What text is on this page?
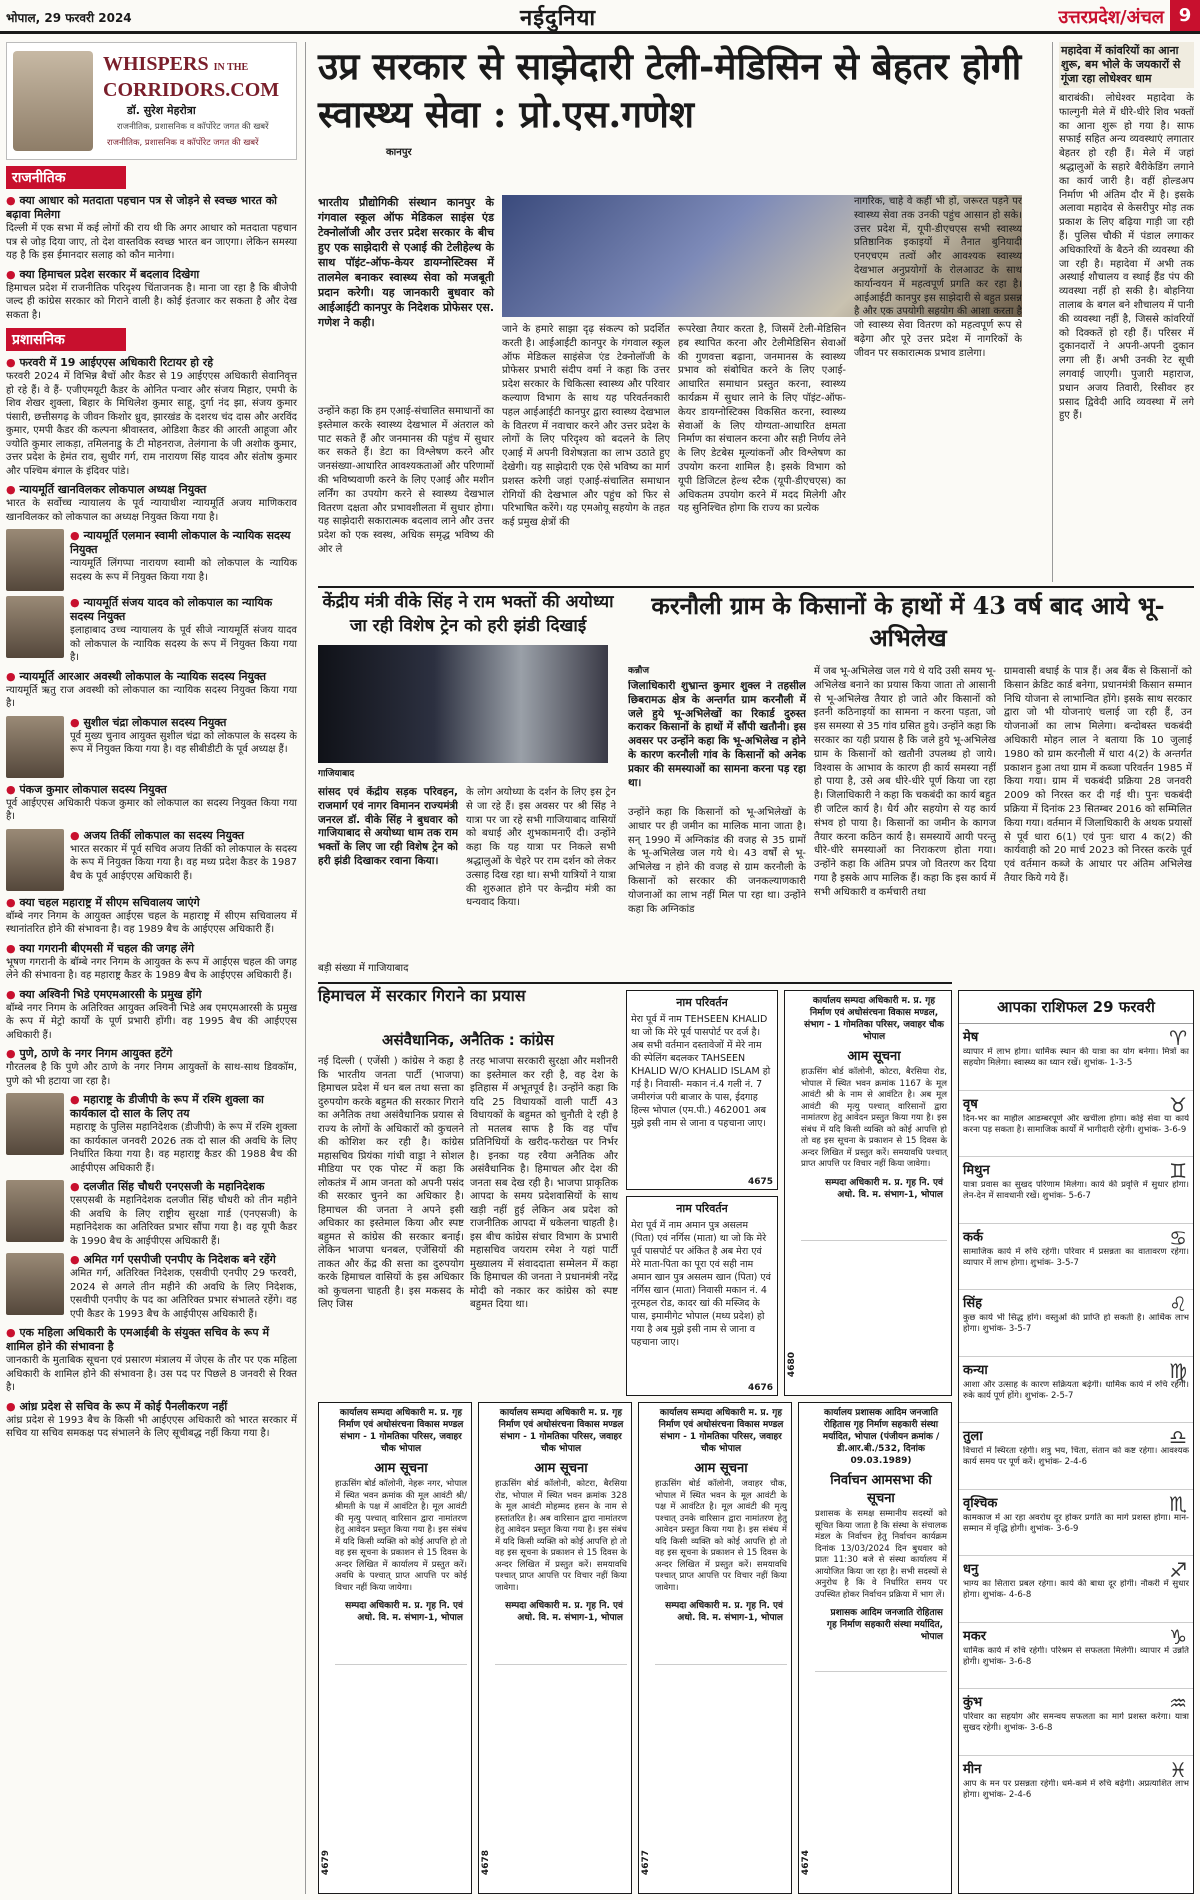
भोपाल, 29 फरवरी 2024	नईदुनिया	उत्तरप्रदेश/अंचल 9
WHISPERS IN THE
CORRIDORS.COM
डॉ. सुरेश मेहरोत्रा
राजनीतिक, प्रशासनिक व कॉर्पोरेट जगत की खबरें
राजनीतिक, प्रशासनिक व कॉर्पोरेट जगत की खबरें
राजनीतिक
● क्या आधार को मतदाता पहचान पत्र से जोड़ने से स्वच्छ भारत को बढ़ावा मिलेगा

दिल्ली में एक सभा में कई लोगों की राय थी कि अगर आधार को मतदाता पहचान पत्र से जोड़ दिया जाए, तो देश वास्तविक स्वच्छ भारत बन जाएगा। लेकिन समस्या यह है कि इस ईमानदार सलाह को कौन मानेगा।

● क्या हिमाचल प्रदेश सरकार में बदलाव दिखेगा

हिमाचल प्रदेश में राजनीतिक परिदृश्य चिंताजनक है। माना जा रहा है कि बीजेपी जल्द ही कांग्रेस सरकार को गिराने वाली है। कोई इंतजार कर सकता है और देख सकता है।

प्रशासनिक
● फरवरी में 19 आईएएस अधिकारी रिटायर हो रहे

फरवरी 2024 में विभिन्न बैचों और कैडर से 19 आईएएस अधिकारी सेवानिवृत्त हो रहे हैं। वे हैं- एजीएमयूटी कैडर के ओनित पन्वार और संजय मिहार, एमपी के शिव शेखर शुक्ला, बिहार के मिथिलेश कुमार साहू, दुर्गा नंद झा, संजय कुमार पंसारी, छत्तीसगढ़ के जीवन किशोर ध्रुव, झारखंड के दशरथ चंद दास और अरविंद कुमार, एमपी कैडर की कल्पना श्रीवास्तव, ओडिशा कैडर की आरती आहूजा और ज्योति कुमार लाकड़ा, तमिलनाडु के टी मोहनराज, तेलंगाना के जी अशोक कुमार, उत्तर प्रदेश के हेमंत राव, सुधीर गर्ग, राम नारायण सिंह यादव और संतोष कुमार और पश्चिम बंगाल के इंदिवर पांडे।

● न्यायमूर्ति खानविलकर लोकपाल अध्यक्ष नियुक्त

भारत के सर्वोच्च न्यायालय के पूर्व न्यायाधीश न्यायमूर्ति अजय माणिकराव खानविलकर को लोकपाल का अध्यक्ष नियुक्त किया गया है।

● न्यायमूर्ति एलमान स्वामी लोकपाल के न्यायिक सदस्य नियुक्त

न्यायमूर्ति लिंगप्पा नारायण स्वामी को लोकपाल के न्यायिक सदस्य के रूप में नियुक्त किया गया है।

● न्यायमूर्ति संजय यादव को लोकपाल का न्यायिक सदस्य नियुक्त

इलाहाबाद उच्च न्यायालय के पूर्व सीजे न्यायमूर्ति संजय यादव को लोकपाल के न्यायिक सदस्य के रूप में नियुक्त किया गया है।

● न्यायमूर्ति आरआर अवस्थी लोकपाल के न्यायिक सदस्य नियुक्त

न्यायमूर्ति ऋतु राज अवस्थी को लोकपाल का न्यायिक सदस्य नियुक्त किया गया है।

● सुशील चंद्रा लोकपाल सदस्य नियुक्त

पूर्व मुख्य चुनाव आयुक्त सुशील चंद्रा को लोकपाल के सदस्य के रूप में नियुक्त किया गया है। वह सीबीडीटी के पूर्व अध्यक्ष हैं।

● पंकज कुमार लोकपाल सदस्य नियुक्त

पूर्व आईएएस अधिकारी पंकज कुमार को लोकपाल का सदस्य नियुक्त किया गया है।

● अजय तिर्की लोकपाल का सदस्य नियुक्त

भारत सरकार में पूर्व सचिव अजय तिर्की को लोकपाल के सदस्य के रूप में नियुक्त किया गया है। वह मध्य प्रदेश कैडर के 1987 बैच के पूर्व आईएएस अधिकारी हैं।

● क्या चहल महाराष्ट्र में सीएम सचिवालय जाएंगे

बॉम्बे नगर निगम के आयुक्त आईएस चहल के महाराष्ट्र में सीएम सचिवालय में स्थानांतरित होने की संभावना है। वह 1989 बैच के आईएएस अधिकारी हैं।

● क्या गगरानी बीएमसी में चहल की जगह लेंगे

भूषण गगरानी के बॉम्बे नगर निगम के आयुक्त के रूप में आईएस चहल की जगह लेने की संभावना है। वह महाराष्ट्र कैडर के 1989 बैच के आईएएस अधिकारी हैं।

● क्या अश्विनी भिडे एमएमआरसी के प्रमुख होंगे

बॉम्बे नगर निगम के अतिरिक्त आयुक्त अश्विनी भिडे अब एमएमआरसी के प्रमुख के रूप में मेट्रो कार्यों के पूर्ण प्रभारी होंगी। वह 1995 बैच की आईएएस अधिकारी हैं।

● पुणे, ठाणे के नगर निगम आयुक्त हटेंगे

गौरतलब है कि पुणे और ठाणे के नगर निगम आयुक्तों के साथ-साथ डिवकॉम, पुणे को भी हटाया जा रहा है।

● महाराष्ट्र के डीजीपी के रूप में रश्मि शुक्ला का कार्यकाल दो साल के लिए तय

महाराष्ट्र के पुलिस महानिदेशक (डीजीपी) के रूप में रश्मि शुक्ला का कार्यकाल जनवरी 2026 तक दो साल की अवधि के लिए निर्धारित किया गया है। वह महाराष्ट्र कैडर की 1988 बैच की आईपीएस अधिकारी हैं।

● दलजीत सिंह चौधरी एनएसजी के महानिदेशक

एसएसबी के महानिदेशक दलजीत सिंह चौधरी को तीन महीने की अवधि के लिए राष्ट्रीय सुरक्षा गार्ड (एनएसजी) के महानिदेशक का अतिरिक्त प्रभार सौंपा गया है। वह यूपी कैडर के 1990 बैच के आईपीएस अधिकारी हैं।

● अमित गर्ग एसपीजी एनपीए के निदेशक बने रहेंगे

अमित गर्ग, अतिरिक्त निदेशक, एसवीपी एनपीए 29 फरवरी, 2024 से अगले तीन महीने की अवधि के लिए निदेशक, एसवीपी एनपीए के पद का अतिरिक्त प्रभार संभालते रहेंगे। वह एपी कैडर के 1993 बैच के आईपीएस अधिकारी हैं।

● एक महिला अधिकारी के एमआईबी के संयुक्त सचिव के रूप में शामिल होने की संभावना है

जानकारी के मुताबिक सूचना एवं प्रसारण मंत्रालय में जेएस के तौर पर एक महिला अधिकारी के शामिल होने की संभावना है। उस पद पर पिछले 8 जनवरी से रिक्त है।

● आंध्र प्रदेश से सचिव के रूप में कोई पैनलीकरण नहीं

आंध्र प्रदेश से 1993 बैच के किसी भी आईएएस अधिकारी को भारत सरकार में सचिव या सचिव समकक्ष पद संभालने के लिए सूचीबद्ध नहीं किया गया है।

उप्र सरकार से साझेदारी टेली-मेडिसिन से बेहतर होगी स्वास्थ्य सेवा : प्रो.एस.गणेश
कानपुर
भारतीय प्रौद्योगिकी संस्थान कानपुर के गंगवाल स्कूल ऑफ मेडिकल साइंस एंड टेक्नोलॉजी और उत्तर प्रदेश सरकार के बीच हुए एक साझेदारी से एआई की टेलीहेल्थ के साथ पॉइंट-ऑफ-केयर डायग्नोस्टिक्स में तालमेल बनाकर स्वास्थ्य सेवा को मजबूती प्रदान करेगी। यह जानकारी बुधवार को आईआईटी कानपुर के निदेशक प्रोफेसर एस. गणेश ने कही।
उन्होंने कहा कि हम एआई-संचालित समाधानों का इस्तेमाल करके स्वास्थ्य देखभाल में अंतराल को पाट सकते हैं और जनमानस की पहुंच में सुधार कर सकते हैं। डेटा का विश्लेषण करने और जनसंख्या-आधारित आवश्यकताओं और परिणामों की भविष्यवाणी करने के लिए एआई और मशीन लर्निंग का उपयोग करने से स्वास्थ्य देखभाल वितरण दक्षता और प्रभावशीलता में सुधार होगा। यह साझेदारी सकारात्मक बदलाव लाने और उत्तर प्रदेश को एक स्वस्थ, अधिक समृद्ध भविष्य की ओर ले
जाने के हमारे साझा दृढ़ संकल्प को प्रदर्शित करती है। आईआईटी कानपुर के गंगवाल स्कूल ऑफ मेडिकल साइंसेज एंड टेक्नोलॉजी के प्रोफेसर प्रभारी संदीप वर्मा ने कहा कि उत्तर प्रदेश सरकार के चिकित्सा स्वास्थ्य और परिवार कल्याण विभाग के साथ यह परिवर्तनकारी पहल आईआईटी कानपुर द्वारा स्वास्थ्य देखभाल के वितरण में नवाचार करने और उत्तर प्रदेश के लोगों के लिए परिदृश्य को बदलने के लिए एआई में अपनी विशेषज्ञता का लाभ उठाते हुए देखेगी। यह साझेदारी एक ऐसे भविष्य का मार्ग प्रशस्त करेगी जहां एआई-संचालित समाधान रोगियों की देखभाल और पहुंच को फिर से परिभाषित करेंगे। यह एमओयू सहयोग के तहत कई प्रमुख क्षेत्रों की
रूपरेखा तैयार करता है, जिसमें टेली-मेडिसिन हब स्थापित करना और टेलीमेडिसिन सेवाओं की गुणवत्ता बढ़ाना, जनमानस के स्वास्थ्य प्रभाव को संबोधित करने के लिए एआई-आधारित समाधान प्रस्तुत करना, स्वास्थ्य कार्यक्रम में सुधार लाने के लिए पॉइंट-ऑफ-केयर डायग्नोस्टिक्स विकसित करना, स्वास्थ्य सेवाओं के लिए योग्यता-आधारित क्षमता निर्माण का संचालन करना और सही निर्णय लेने के लिए डेटबेस मूल्यांकनों और विश्लेषण का उपयोग करना शामिल है। इसके विभाग को यूपी डिजिटल हेल्थ स्टैक (यूपी-डीएचएस) का अधिकतम उपयोग करने में मदद मिलेगी और यह सुनिश्चित होगा कि राज्य का प्रत्येक
नागरिक, चाहे वे कहीं भी हों, जरूरत पड़ने पर स्वास्थ्य सेवा तक उनकी पहुंच आसान हो सके। उत्तर प्रदेश में, यूपी-डीएचएस सभी स्वास्थ्य प्रतिष्ठानिक इकाइयों में तैनात बुनियादी एनएचएम तत्वों और आवश्यक स्वास्थ्य देखभाल अनुप्रयोगों के रोलआउट के साथ कार्यान्वयन में महत्वपूर्ण प्रगति कर रहा है। आईआईटी कानपुर इस साझेदारी से बहुत प्रसन्न है और एक उपयोगी सहयोग की आशा करता है जो स्वास्थ्य सेवा वितरण को महत्वपूर्ण रूप से बढ़ेगा और पूरे उत्तर प्रदेश में नागरिकों के जीवन पर सकारात्मक प्रभाव डालेगा।
महादेवा में कांवरियों का आना शुरू, बम भोले के जयकारों से गूंजा रहा लोधेश्वर धाम

बाराबंकी। लोधेश्वर महादेवा के फाल्गुनी मेले में धीरे-धीरे शिव भक्तों का आना शुरू हो गया है। साफ सफाई सहित अन्य व्यवस्थाएं लगातार बेहतर हो रही हैं। मेले में जहां श्रद्धालुओं के सहारे बैरीकेडिंग लगाने का कार्य जारी है। वहीं होल्डअप निर्माण भी अंतिम दौर में है। इसके अलावा महादेव से केसरीपुर मोड़ तक प्रकाश के लिए बढ़िया गाड़ी जा रही हैं। पुलिस चौकी में पंडाल लगाकर अधिकारियों के बैठने की व्यवस्था की जा रही है। महादेवा में अभी तक अस्थाई शौचालय व स्थाई हैंड पंप की व्यवस्था नहीं हो सकी है। बोहनिया तालाब के बगल बने शौचालय में पानी की व्यवस्था नहीं है, जिससे कांवरियों को दिक्कतें हो रही हैं। परिसर में दुकानदारों ने अपनी-अपनी दुकान लगा ली हैं। अभी उनकी रेट सूची लगवाई जाएगी। पुजारी महाराज, प्रधान अजय तिवारी, रिसीवर हर प्रसाद द्विवेदी आदि व्यवस्था में लगे हुए हैं।

केंद्रीय मंत्री वीके सिंह ने राम भक्तों की अयोध्या जा रही विशेष ट्रेन को हरी झंडी दिखाई
गाजियाबाद
सांसद एवं केंद्रीय सड़क परिवहन, राजमार्ग एवं नागर विमानन राज्यमंत्री जनरल डॉ. वीके सिंह ने बुधवार को गाजियाबाद से अयोध्या धाम तक राम भक्तों के लिए जा रही विशेष ट्रेन को हरी झंडी दिखाकर रवाना किया।
बड़ी संख्या में गाजियाबाद
के लोग अयोध्या के दर्शन के लिए इस ट्रेन से जा रहे हैं। इस अवसर पर श्री सिंह ने यात्रा पर जा रहे सभी गाजियाबाद वासियों को बधाई और शुभकामनाएँ दी। उन्होंने कहा कि यह यात्रा पर निकले सभी श्रद्धालुओं के चेहरे पर राम दर्शन को लेकर उत्साह दिख रहा था। सभी यात्रियों ने यात्रा की शुरुआत होने पर केन्द्रीय मंत्री का धन्यवाद किया।
करनौली ग्राम के किसानों के हाथों में 43 वर्ष बाद आये भू-अभिलेख
कन्नौज
जिलाधिकारी शुभ्रान्त कुमार शुक्ल ने तहसील छिबरामऊ क्षेत्र के अन्तर्गत ग्राम करनौली में जले हुये भू-अभिलेखों का रिकार्ड दुरुस्त कराकर किसानों के हाथों में सौंपी खतौनी। इस अवसर पर उन्होंने कहा कि भू-अभिलेख न होने के कारण करनौली गांव के किसानों को अनेक प्रकार की समस्याओं का सामना करना पड़ रहा था।
उन्होंने कहा कि किसानों को भू-अभिलेखों के आधार पर ही जमीन का मालिक माना जाता है। सन् 1990 में अग्निकांड की वजह से 35 ग्रामों के भू-अभिलेख जल गये थे। 43 वर्षों से भू-अभिलेख न होने की वजह से ग्राम करनौली के किसानों को सरकार की जनकल्याणकारी योजनाओं का लाभ नहीं मिल पा रहा था। उन्होंने कहा कि अग्निकांड
में जब भू-अभिलेख जल गये थे यदि उसी समय भू-अभिलेख बनाने का प्रयास किया जाता तो आसानी से भू-अभिलेख तैयार हो जाते और किसानों को इतनी कठिनाइयों का सामना न करना पड़ता, जो इस समस्या से 35 गांव ग्रसित हुये। उन्होंने कहा कि सरकार का यही प्रयास है कि जले हुये भू-अभिलेख ग्राम के किसानों को खतौनी उपलब्ध हो जाये। विश्वास के आभाव के कारण ही कार्य समस्या नहीं हो पाया है, उसे अब धीरे-धीरे पूर्ण किया जा रहा है। जिलाधिकारी ने कहा कि चकबंदी का कार्य बहुत ही जटिल कार्य है। धैर्य और सहयोग से यह कार्य संभव हो पाया है। किसानों का जमीन के कागज तैयार करना कठिन कार्य है। समस्यायें आयी परन्तु धीरे-धीरे समस्याओं का निराकरण होता गया। उन्होंने कहा कि अंतिम प्रपत्र जो वितरण कर दिया गया है इसके आप मालिक हैं। कहा कि इस कार्य में सभी अधिकारी व कर्मचारी तथा
ग्रामवासी बधाई के पात्र हैं। अब बैंक से किसानों को किसान क्रेडिट कार्ड बनेगा, प्रधानमंत्री किसान सम्मान निधि योजना से लाभान्वित होंगे। इसके साथ सरकार द्वारा जो भी योजनाएं चलाई जा रही हैं, उन योजनाओं का लाभ मिलेगा। बन्दोबस्त चकबंदी अधिकारी मोहन लाल ने बताया कि 10 जुलाई 1980 को ग्राम करनौली में धारा 4(2) के अन्तर्गत प्रकाशन हुआ तथा ग्राम में कब्जा परिवर्तन 1985 में किया गया। ग्राम में चकबंदी प्रक्रिया 28 जनवरी 2009 को निरस्त कर दी गई थी। पुनः चकबंदी प्रक्रिया में दिनांक 23 सितम्बर 2016 को सम्मिलित किया गया। वर्तमान में जिलाधिकारी के अथक प्रयासों से पूर्व धारा 6(1) एवं पुनः धारा 4 क(2) की कार्यवाही को 20 मार्च 2023 को निरस्त करके पूर्व एवं वर्तमान कब्जे के आधार पर अंतिम अभिलेख तैयार किये गये हैं।
हिमाचल में सरकार गिराने का प्रयास
असंवैधानिक, अनैतिक : कांग्रेस
नई दिल्ली ( एजेंसी ) कांग्रेस ने कहा है कि भारतीय जनता पार्टी (भाजपा) हिमाचल प्रदेश में धन बल तथा सत्ता का दुरुपयोग करके बहुमत की सरकार गिराने का अनैतिक तथा असंवैधानिक प्रयास से राज्य के लोगों के अधिकारों को कुचलने की कोशिश कर रही है। कांग्रेस महासचिव प्रियंका गांधी वाड्रा ने सोशल मीडिया पर एक पोस्ट में कहा कि लोकतंत्र में आम जनता को अपनी पसंद की सरकार चुनने का अधिकार है। हिमाचल की जनता ने अपने इसी अधिकार का इस्तेमाल किया और स्पष्ट बहुमत से कांग्रेस की सरकार बनाई। लेकिन भाजपा धनबल, एजेंसियों की ताकत और केंद्र की सत्ता का दुरुपयोग करके हिमाचल वासियों के इस अधिकार को कुचलना चाहती है। इस मकसद के लिए जिस
तरह भाजपा सरकारी सुरक्षा और मशीनरी का इस्तेमाल कर रही है, वह देश के इतिहास में अभूतपूर्व है। उन्होंने कहा कि यदि 25 विधायकों वाली पार्टी 43 विधायकों के बहुमत को चुनौती दे रही है तो मतलब साफ है कि वह पाँच प्रतिनिधियों के खरीद-फरोख्त पर निर्भर है। इनका यह रवैया अनैतिक और असंवैधानिक है। हिमाचल और देश की जनता सब देख रही है। भाजपा प्राकृतिक आपदा के समय प्रदेशवासियों के साथ खड़ी नहीं हुई लेकिन अब प्रदेश को राजनीतिक आपदा में धकेलना चाहती है। इस बीच कांग्रेस संचार विभाग के प्रभारी महासचिव जयराम रमेश ने यहां पार्टी मुख्यालय में संवाददाता सम्मेलन में कहा कि हिमाचल की जनता ने प्रधानमंत्री नरेंद्र मोदी को नकार कर कांग्रेस को स्पष्ट बहुमत दिया था।
नाम परिवर्तन

मेरा पूर्व में नाम TEHSEEN KHALID था जो कि मेरे पूर्व पासपोर्ट पर दर्ज है। अब सभी वर्तमान दस्तावेजों में मेरे नाम की स्पेलिंग बदलकर TAHSEEN KHALID W/O KHALID ISLAM हो गई है। निवासी- मकान नं.4 गली नं. 7 जमीरगंज परी बाजार के पास, ईदगाह हिल्स भोपाल (एम.पी.) 462001 अब मुझे इसी नाम से जाना व पहचाना जाए।

4675
नाम परिवर्तन

मेरा पूर्व में नाम अमान पुत्र असलम (पिता) एवं नर्गिस (माता) था जो कि मेरे पूर्व पासपोर्ट पर अंकित है अब मेरा एवं मेरे माता-पिता का पूरा एवं सही नाम अमान खान पुत्र असलम खान (पिता) एवं नर्गिस खान (माता) निवासी मकान नं. 4 नूरमहल रोड, कादर खां की मस्जिद के पास, इमामीगेट भोपाल (मध्य प्रदेश) हो गया है अब मुझे इसी नाम से जाना व पहचाना जाए।

4676
कार्यालय सम्पदा अधिकारी म. प्र. गृह निर्माण एवं अधोसंरचना विकास मण्डल, संभाग - 1 गोमतिका परिसर, जवाहर चौक भोपाल
आम सूचना
हाऊसिंग बोर्ड कॉलोनी, कोटरा, बैरसिया रोड, भोपाल में स्थित भवन क्रमांक 1167 के मूल आवंटी श्री के नाम से आवंटित है। अब मूल आवंटी की मृत्यु पश्चात् वारिसानों द्वारा नामांतरण हेतु आवेदन प्रस्तुत किया गया है। इस संबंध में यदि किसी व्यक्ति को कोई आपत्ति हो तो वह इस सूचना के प्रकाशन से 15 दिवस के अन्दर लिखित में प्रस्तुत करें। समयावधि पश्चात् प्राप्त आपत्ति पर विचार नहीं किया जावेगा।
सम्पदा अधिकारी म. प्र. गृह नि. एवं अधो. वि. म. संभाग-1, भोपाल
4680
कार्यालय सम्पदा अधिकारी म. प्र. गृह निर्माण एवं अधोसंरचना विकास मण्डल संभाग - 1 गोमतिका परिसर, जवाहर चौक भोपाल
आम सूचना
हाऊसिंग बोर्ड कॉलोनी, नेहरू नगर, भोपाल में स्थित भवन क्रमांक की मूल आवंटी श्री/श्रीमती के पक्ष में आवंटित है। मूल आवंटी की मृत्यु पश्चात् वारिसान द्वारा नामांतरण हेतु आवेदन प्रस्तुत किया गया है। इस संबंध में यदि किसी व्यक्ति को कोई आपत्ति हो तो वह इस सूचना के प्रकाशन से 15 दिवस के अन्दर लिखित में कार्यालय में प्रस्तुत करें। अवधि के पश्चात् प्राप्त आपत्ति पर कोई विचार नहीं किया जायेगा।
सम्पदा अधिकारी म. प्र. गृह नि. एवं अधो. वि. म. संभाग-1, भोपाल
4679
कार्यालय सम्पदा अधिकारी म. प्र. गृह निर्माण एवं अधोसंरचना विकास मण्डल संभाग - 1 गोमतिका परिसर, जवाहर चौक भोपाल
आम सूचना
हाऊसिंग बोर्ड कॉलोनी, कोटरा, बैरसिया रोड, भोपाल में स्थित भवन क्रमांक 328 के मूल आवंटी मोहम्मद हसन के नाम से हस्तांतरित है। अब वारिसान द्वारा नामांतरण हेतु आवेदन प्रस्तुत किया गया है। इस संबंध में यदि किसी व्यक्ति को कोई आपत्ति हो तो वह इस सूचना के प्रकाशन से 15 दिवस के अन्दर लिखित में प्रस्तुत करें। समयावधि पश्चात् प्राप्त आपत्ति पर विचार नहीं किया जावेगा।
सम्पदा अधिकारी म. प्र. गृह नि. एवं अधो. वि. म. संभाग-1, भोपाल
4678
कार्यालय सम्पदा अधिकारी म. प्र. गृह निर्माण एवं अधोसंरचना विकास मण्डल संभाग - 1 गोमतिका परिसर, जवाहर चौक भोपाल
आम सूचना
हाऊसिंग बोर्ड कॉलोनी, जवाहर चौक, भोपाल में स्थित भवन के मूल आवंटी के पक्ष में आवंटित है। मूल आवंटी की मृत्यु पश्चात् उनके वारिसान द्वारा नामांतरण हेतु आवेदन प्रस्तुत किया गया है। इस संबंध में यदि किसी व्यक्ति को कोई आपत्ति हो तो वह इस सूचना के प्रकाशन से 15 दिवस के अन्दर लिखित में प्रस्तुत करें। समयावधि पश्चात् प्राप्त आपत्ति पर विचार नहीं किया जावेगा।
सम्पदा अधिकारी म. प्र. गृह नि. एवं अधो. वि. म. संभाग-1, भोपाल
4677
कार्यालय प्रशासक आदिम जनजाति रोहितास गृह निर्माण सहकारी संस्था मर्यादित, भोपाल (पंजीयन क्रमांक /डी.आर.बी./532, दिनांक 09.03.1989)
निर्वाचन आमसभा की सूचना
प्रशासक के समक्ष सम्मानीय सदस्यों को सूचित किया जाता है कि संस्था के संचालक मंडल के निर्वाचन हेतु निर्वाचन कार्यक्रम दिनांक 13/03/2024 दिन बुधवार को प्रातः 11:30 बजे से संस्था कार्यालय में आयोजित किया जा रहा है। सभी सदस्यों से अनुरोध है कि वे निर्धारित समय पर उपस्थित होकर निर्वाचन प्रक्रिया में भाग लें।
प्रशासक आदिम जनजाति रोहितास गृह निर्माण सहकारी संस्था मर्यादित, भोपाल
4674
आपका राशिफल 29 फरवरी
मेष	♈
व्यापार में लाभ होगा। धार्मिक स्थान की यात्रा का योग बनेगा। मित्रों का सहयोग मिलेगा। स्वास्थ्य का ध्यान रखें। शुभांक- 1-3-5
वृष	♉
दिन-भर का माहौल आडम्बरपूर्ण और खर्चीला होगा। कोई सेवा या कार्य करना पड़ सकता है। सामाजिक कार्यों में भागीदारी रहेगी। शुभांक- 3-6-9
मिथुन	♊
यात्रा प्रवास का सुखद परिणाम मिलेगा। कार्य की प्रवृत्ति में सुधार होगा। लेन-देन में सावधानी रखें। शुभांक- 5-6-7
कर्क	♋
सामाजिक कार्य में रुचि रहेगी। परिवार में प्रसन्नता का वातावरण रहेगा। व्यापार में लाभ होगा। शुभांक- 3-5-7
सिंह	♌
कुछ कार्य भी सिद्ध होंगे। वस्तुओं की प्राप्ति हो सकती है। आर्थिक लाभ होगा। शुभांक- 3-5-7
कन्या	♍
आशा और उत्साह के कारण सक्रियता बढ़ेगी। धार्मिक कार्य में रुचि रहेगी। रुके कार्य पूर्ण होंगे। शुभांक- 2-5-7
तुला	♎
विचारों में स्थिरता रहेगी। शत्रु भय, चिंता, संतान को कष्ट रहेगा। आवश्यक कार्य समय पर पूर्ण करें। शुभांक- 2-4-6
वृश्चिक	♏
कामकाज में आ रहा अवरोध दूर होकर प्रगति का मार्ग प्रशस्त होगा। मान-सम्मान में वृद्धि होगी। शुभांक- 3-6-9
धनु	♐
भाग्य का सितारा प्रबल रहेगा। कार्य की बाधा दूर होगी। नौकरी में सुधार होगा। शुभांक- 4-6-8
मकर	♑
धार्मिक कार्य में रुचि रहेगी। परिश्रम से सफलता मिलेगी। व्यापार में उन्नति होगी। शुभांक- 3-6-8
कुंभ	♒
परिवार का सहयोग और समन्वय सफलता का मार्ग प्रशस्त करेगा। यात्रा सुखद रहेगी। शुभांक- 3-6-8
मीन	♓
आप के मन पर प्रसन्नता रहेगी। धर्म-कर्म में रुचि बढ़ेगी। अप्रत्याशित लाभ होगा। शुभांक- 2-4-6
